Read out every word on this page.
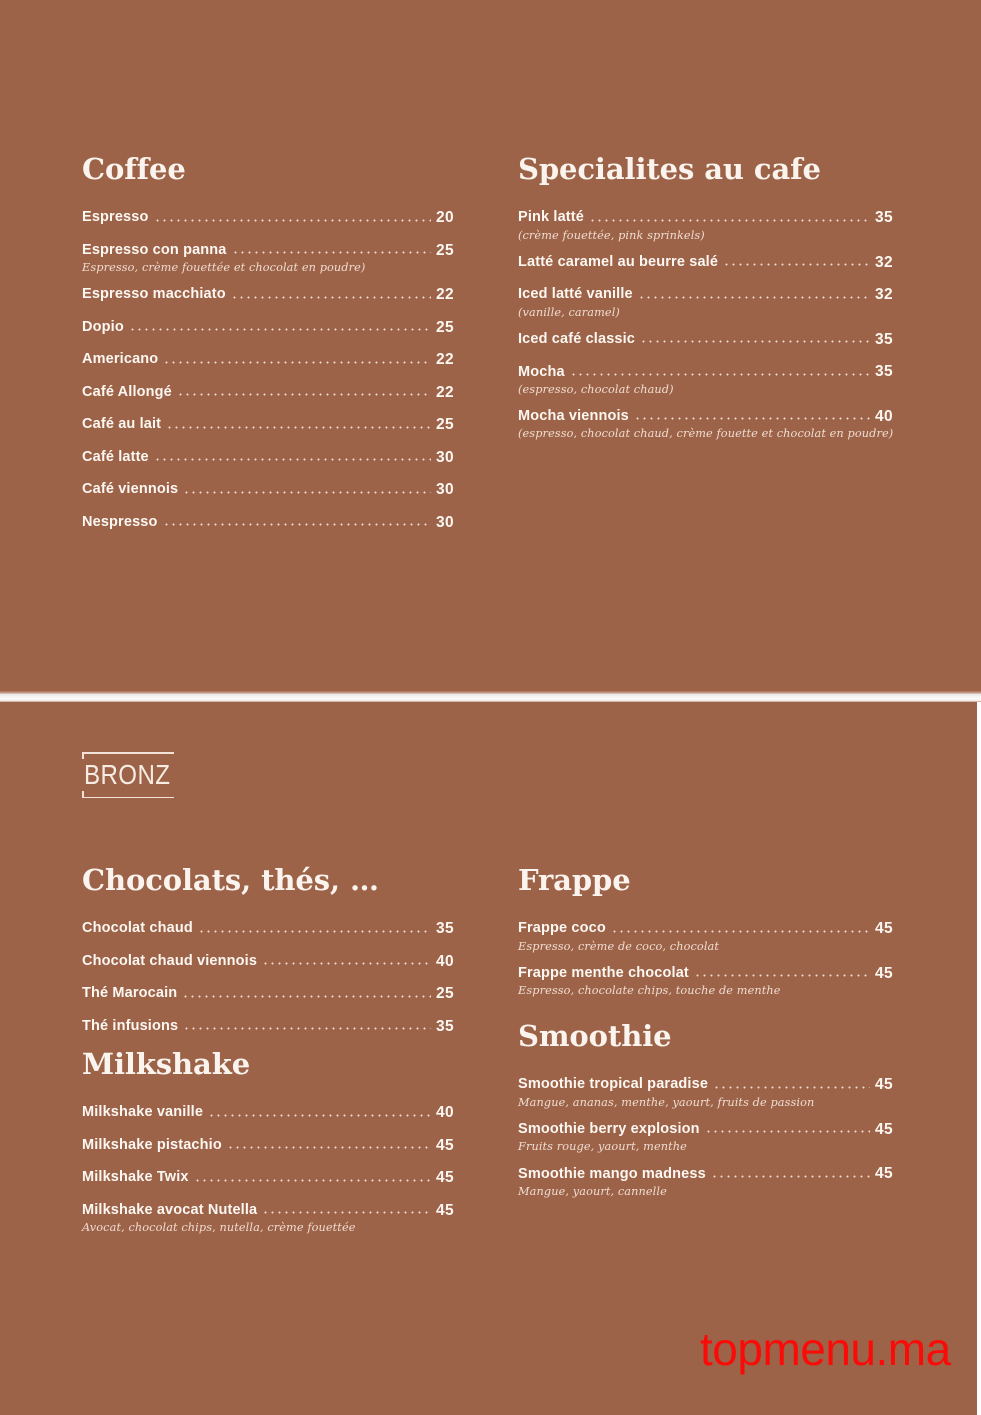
Coffee
Espresso	20
Espresso con panna	25
Espresso, crème fouettée et chocolat en poudre)
Espresso macchiato	22
Dopio	25
Americano	22
Café Allongé	22
Café au lait	25
Café latte	30
Café viennois	30
Nespresso	30
Specialites au cafe
Pink latté	35
(crème fouettée, pink sprinkels)
Latté caramel au beurre salé	32
Iced latté vanille	32
(vanille, caramel)
Iced café classic	35
Mocha	35
(espresso, chocolat chaud)
Mocha viennois	40
(espresso, chocolat chaud, crème fouette et chocolat en poudre)
BRONZ
Chocolats, thés, …
Chocolat chaud	35
Chocolat chaud viennois	40
Thé Marocain	25
Thé infusions	35
Milkshake
Milkshake vanille	40
Milkshake pistachio	45
Milkshake Twix	45
Milkshake avocat Nutella	45
Avocat, chocolat chips, nutella, crème fouettée
Frappe
Frappe coco	45
Espresso, crème de coco, chocolat
Frappe menthe chocolat	45
Espresso, chocolate chips, touche de menthe
Smoothie
Smoothie tropical paradise	45
Mangue, ananas, menthe, yaourt, fruits de passion
Smoothie berry explosion	45
Fruits rouge, yaourt, menthe
Smoothie mango madness	45
Mangue, yaourt, cannelle
topmenu.ma
